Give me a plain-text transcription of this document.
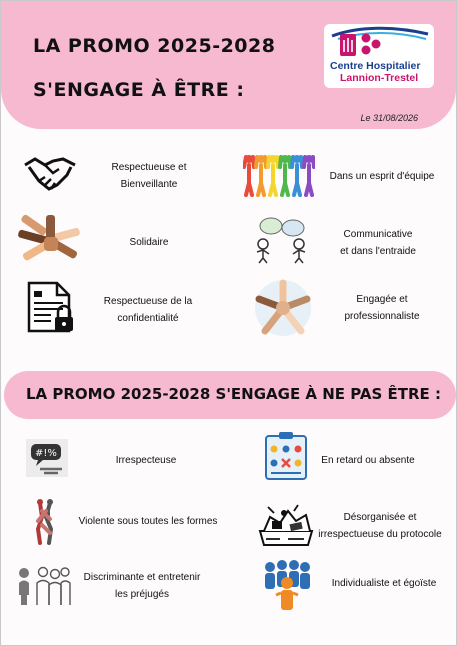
LA PROMO 2025-2028
S'ENGAGE À ÊTRE :
Centre Hospitalier
Lannion-Trestel
Le 31/08/2026
Respectueuse et
Bienveillante
Dans un esprit d'équipe
Solidaire
Communicative
et dans l'entraide
Respectueuse de la
confidentialité
Engagée et
professionnaliste
LA PROMO 2025-2028 S'ENGAGE À NE PAS ÊTRE :
#!%
Irrespecteuse	En retard ou absente
Violente sous toutes les formes	Désorganisée et
irrespectueuse du protocole
Discriminante et entretenir
les préjugés
Individualiste et égoïste
